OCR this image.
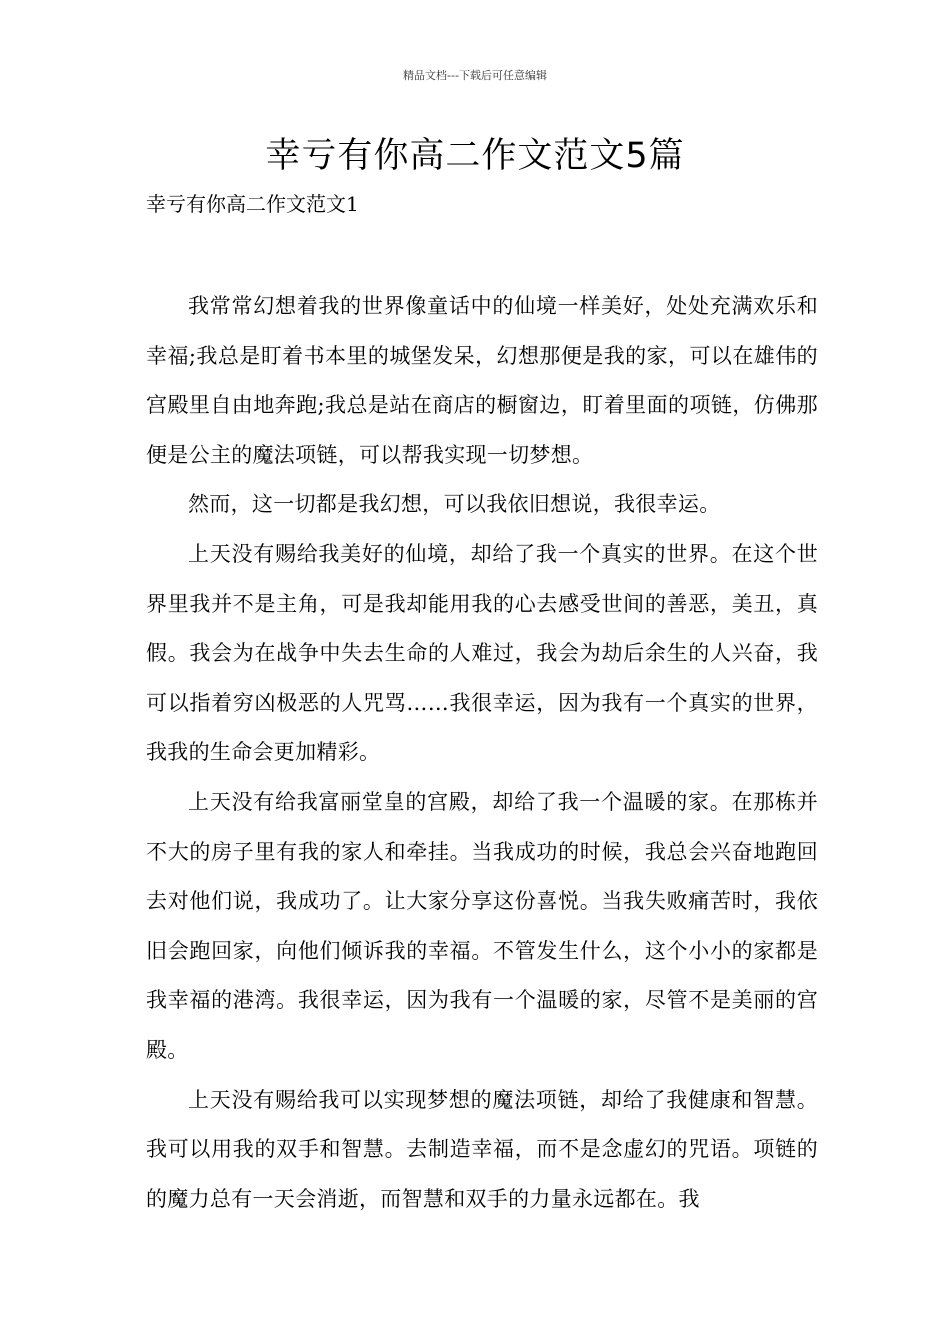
精品文档---下载后可任意编辑
幸亏有你高二作文范文5篇
幸亏有你高二作文范文1

我常常幻想着我的世界像童话中的仙境一样美好，处处充满欢乐和幸福;我总是盯着书本里的城堡发呆，幻想那便是我的家，可以在雄伟的宫殿里自由地奔跑;我总是站在商店的橱窗边，盯着里面的项链，仿佛那便是公主的魔法项链，可以帮我实现一切梦想。

然而，这一切都是我幻想，可以我依旧想说，我很幸运。

上天没有赐给我美好的仙境，却给了我一个真实的世界。在这个世界里我并不是主角，可是我却能用我的心去感受世间的善恶，美丑，真假。我会为在战争中失去生命的人难过，我会为劫后余生的人兴奋，我可以指着穷凶极恶的人咒骂……我很幸运，因为我有一个真实的世界，我我的生命会更加精彩。

上天没有给我富丽堂皇的宫殿，却给了我一个温暖的家。在那栋并不大的房子里有我的家人和牵挂。当我成功的时候，我总会兴奋地跑回去对他们说，我成功了。让大家分享这份喜悦。当我失败痛苦时，我依旧会跑回家，向他们倾诉我的幸福。不管发生什么，这个小小的家都是我幸福的港湾。我很幸运，因为我有一个温暖的家，尽管不是美丽的宫殿。

上天没有赐给我可以实现梦想的魔法项链，却给了我健康和智慧。我可以用我的双手和智慧。去制造幸福，而不是念虚幻的咒语。项链的的魔力总有一天会消逝，而智慧和双手的力量永远都在。我
